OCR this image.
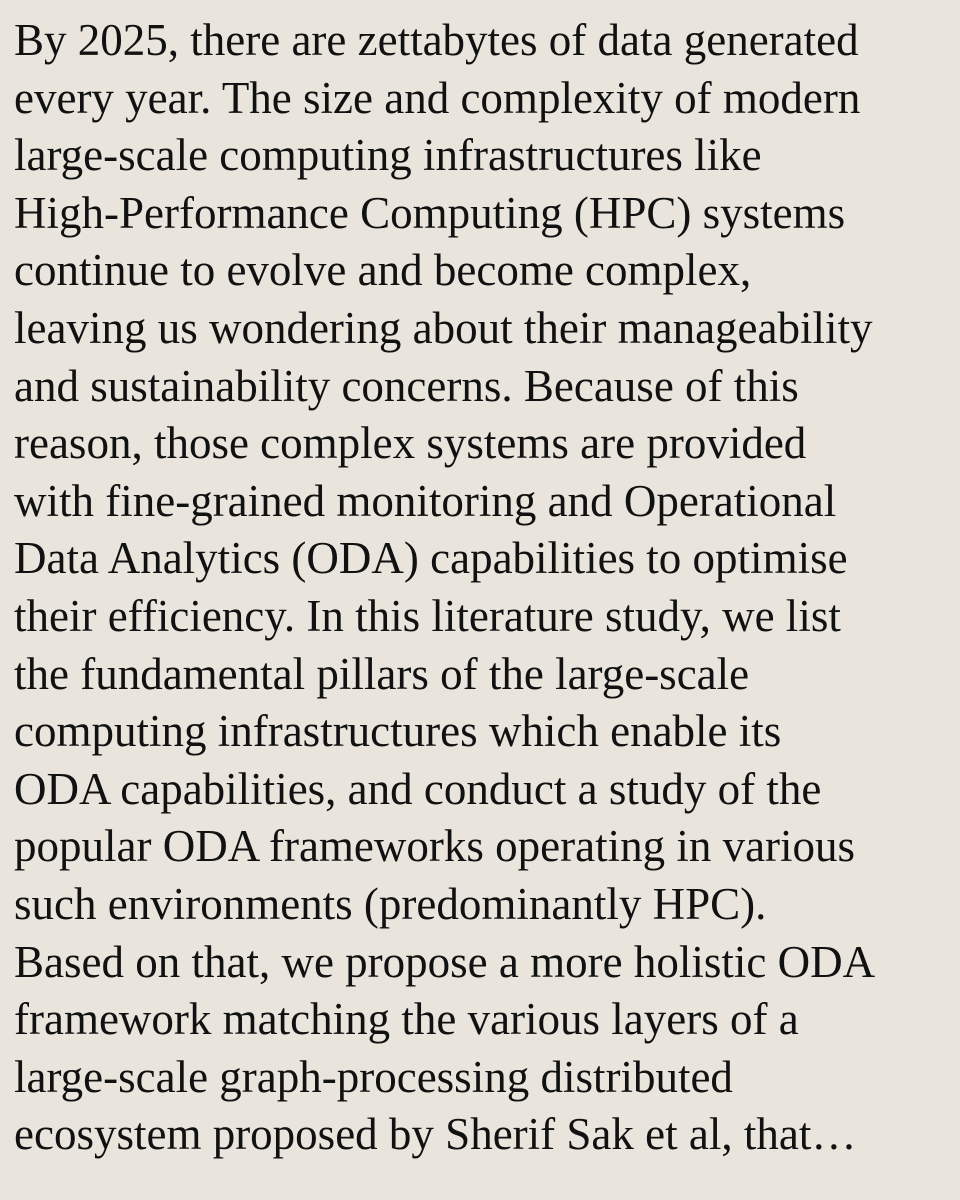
By 2025, there are zettabytes of data generated
every year. The size and complexity of modern
large-scale computing infrastructures like
High-Performance Computing (HPC) systems
continue to evolve and become complex,
leaving us wondering about their manageability
and sustainability concerns. Because of this
reason, those complex systems are provided
with fine-grained monitoring and Operational
Data Analytics (ODA) capabilities to optimise
their efficiency. In this literature study, we list
the fundamental pillars of the large-scale
computing infrastructures which enable its
ODA capabilities, and conduct a study of the
popular ODA frameworks operating in various
such environments (predominantly HPC).
Based on that, we propose a more holistic ODA
framework matching the various layers of a
large-scale graph-processing distributed
ecosystem proposed by Sherif Sak et al, that…
